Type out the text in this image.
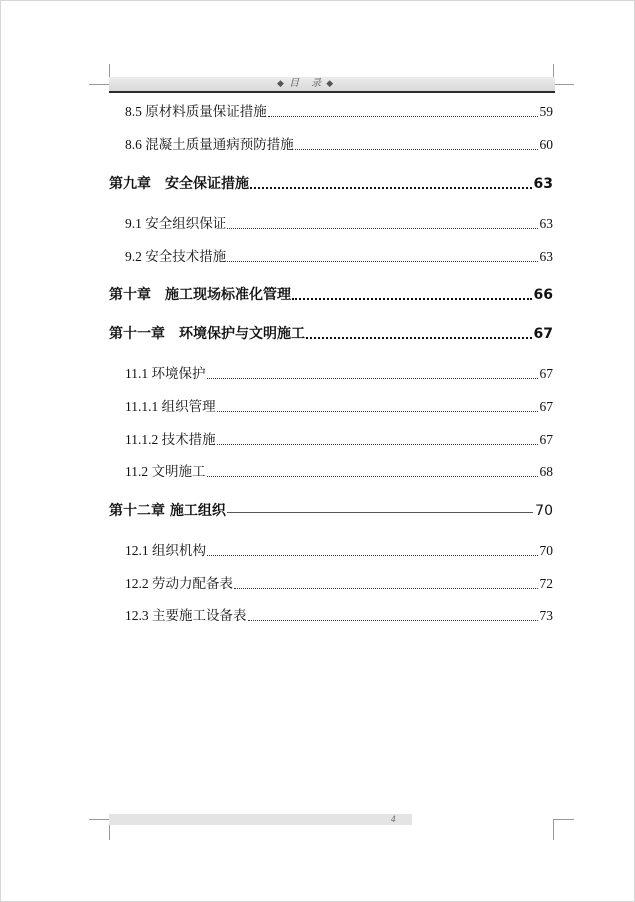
◆ 目　录 ◆
8.5 原材料质量保证措施	59
8.6 混凝土质量通病预防措施	60
第九章　安全保证措施	63
9.1 安全组织保证	63
9.2 安全技术措施	63
第十章　施工现场标准化管理	66
第十一章　环境保护与文明施工	67
11.1 环境保护	67
11.1.1 组织管理	67
11.1.2 技术措施	67
11.2 文明施工	68
第十二章 施工组织	70
12.1 组织机构	70
12.2 劳动力配备表	72
12.3 主要施工设备表	73
4
